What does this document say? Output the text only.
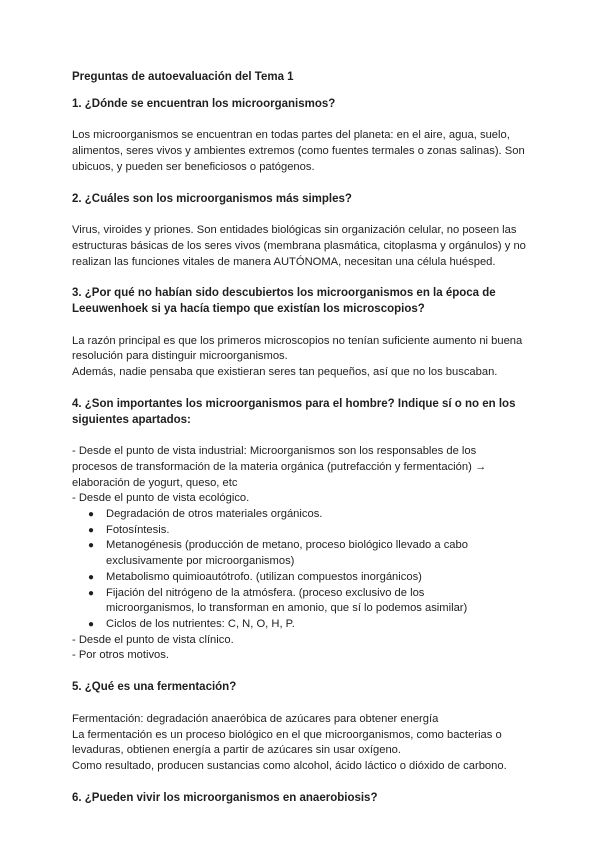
Preguntas de autoevaluación del Tema 1

1. ¿Dónde se encuentran los microorganismos?

Los microorganismos se encuentran en todas partes del planeta: en el aire, agua, suelo,

alimentos, seres vivos y ambientes extremos (como fuentes termales o zonas salinas). Son

ubicuos, y pueden ser beneficiosos o patógenos.

2. ¿Cuáles son los microorganismos más simples?

Virus, viroides y priones. Son entidades biológicas sin organización celular, no poseen las

estructuras básicas de los seres vivos (membrana plasmática, citoplasma y orgánulos) y no

realizan las funciones vitales de manera AUTÓNOMA, necesitan una célula huésped.

3. ¿Por qué no habían sido descubiertos los microorganismos en la época de

Leeuwenhoek si ya hacía tiempo que existían los microscopios?

La razón principal es que los primeros microscopios no tenían suficiente aumento ni buena

resolución para distinguir microorganismos.

Además, nadie pensaba que existieran seres tan pequeños, así que no los buscaban.

4. ¿Son importantes los microorganismos para el hombre? Indique sí o no en los

siguientes apartados:

- Desde el punto de vista industrial: Microorganismos son los responsables de los

procesos de transformación de la materia orgánica (putrefacción y fermentación) →

elaboración de yogurt, queso, etc

- Desde el punto de vista ecológico.

● Degradación de otros materiales orgánicos.
● Fotosíntesis.
● Metanogénesis (producción de metano, proceso biológico llevado a cabo
exclusivamente por microorganismos)
● Metabolismo quimioautótrofo. (utilizan compuestos inorgánicos)
● Fijación del nitrógeno de la atmósfera. (proceso exclusivo de los
microorganismos, lo transforman en amonio, que sí lo podemos asimilar)
● Ciclos de los nutrientes: C, N, O, H, P.

- Desde el punto de vista clínico.

- Por otros motivos.

5. ¿Qué es una fermentación?

Fermentación: degradación anaeróbica de azúcares para obtener energía

La fermentación es un proceso biológico en el que microorganismos, como bacterias o

levaduras, obtienen energía a partir de azúcares sin usar oxígeno.

Como resultado, producen sustancias como alcohol, ácido láctico o dióxido de carbono.

6. ¿Pueden vivir los microorganismos en anaerobiosis?
